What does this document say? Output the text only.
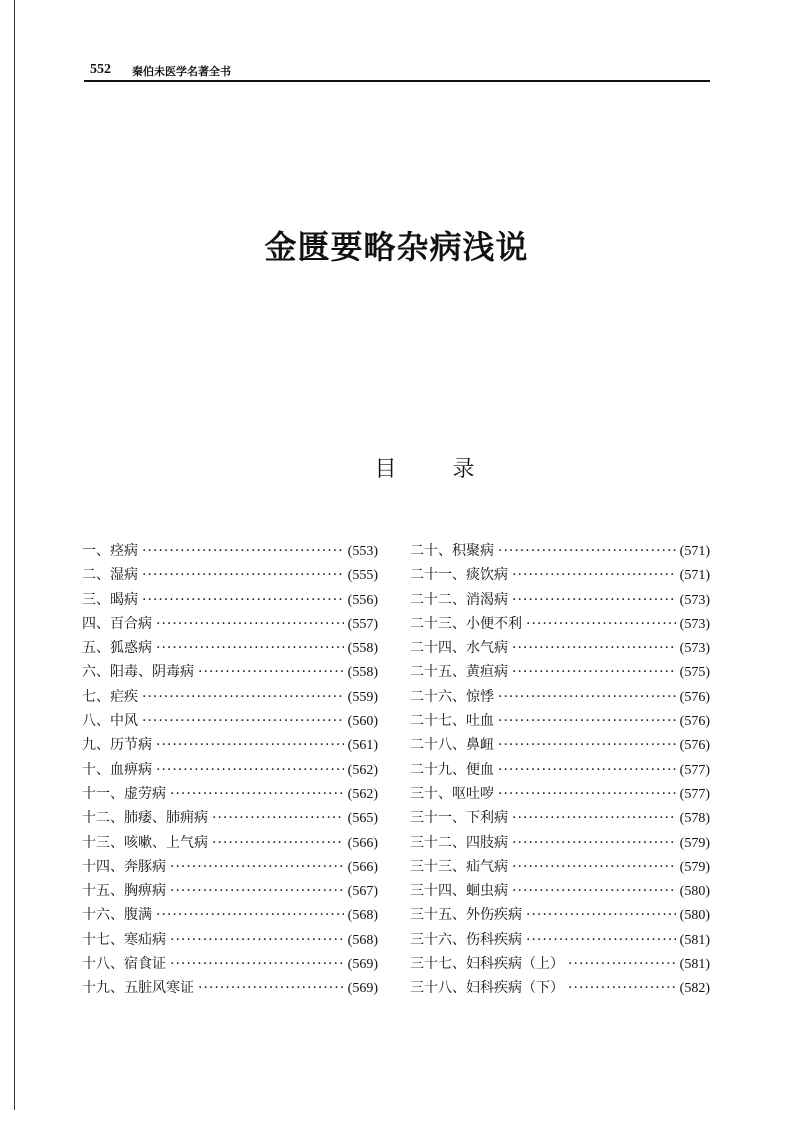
552 秦伯未医学名著全书
金匮要略杂病浅说
目录
一、痉病 ·····	(553)
二、湿病 ·····	(555)
三、暍病 ·····	(556)
四、百合病 ·····	(557)
五、狐惑病 ·····	(558)
六、阳毒、阴毒病 ·····	(558)
七、疟疾 ·····	(559)
八、中风 ·····	(560)
九、历节病 ·····	(561)
十、血痹病 ·····	(562)
十一、虚劳病 ·····	(562)
十二、肺痿、肺痈病 ·····	(565)
十三、咳嗽、上气病 ·····	(566)
十四、奔豚病 ·····	(566)
十五、胸痹病 ·····	(567)
十六、腹满 ·····	(568)
十七、寒疝病 ·····	(568)
十八、宿食证 ·····	(569)
十九、五脏风寒证 ·····	(569)
二十、积聚病 ·····	(571)
二十一、痰饮病 ·····	(571)
二十二、消渴病 ·····	(573)
二十三、小便不利 ·····	(573)
二十四、水气病 ·····	(573)
二十五、黄疸病 ·····	(575)
二十六、惊悸 ·····	(576)
二十七、吐血 ·····	(576)
二十八、鼻衄 ·····	(576)
二十九、便血 ·····	(577)
三十、呕吐哕 ·····	(577)
三十一、下利病 ·····	(578)
三十二、四肢病 ·····	(579)
三十三、疝气病 ·····	(579)
三十四、蛔虫病 ·····	(580)
三十五、外伤疾病 ·····	(580)
三十六、伤科疾病 ·····	(581)
三十七、妇科疾病（上） ·····	(581)
三十八、妇科疾病（下） ·····	(582)
